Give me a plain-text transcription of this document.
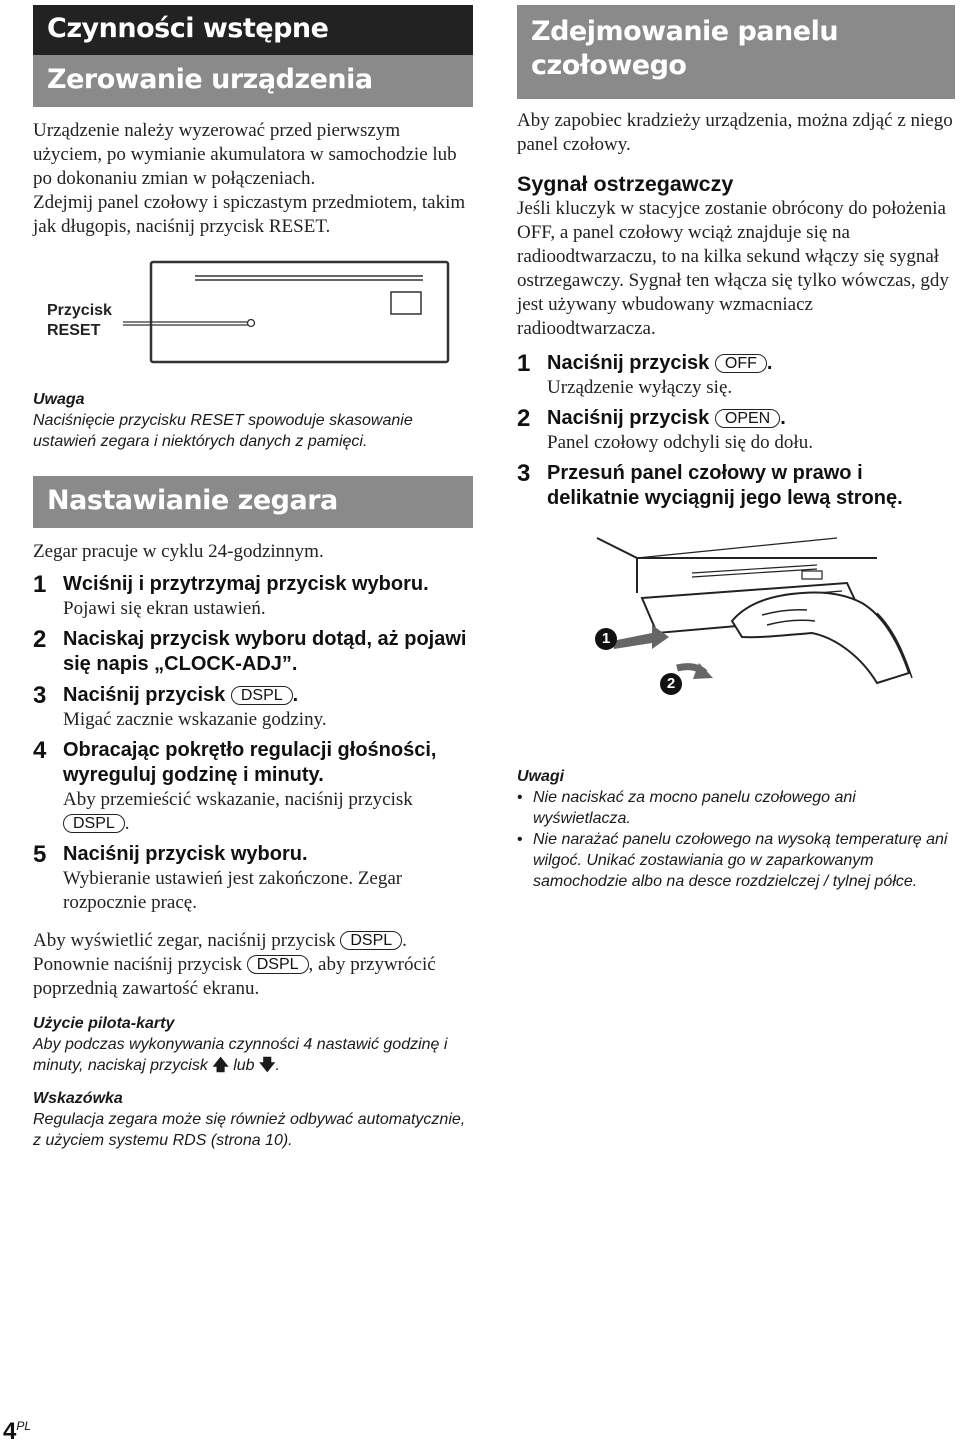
Czynności wstępne
Zerowanie urządzenia
Urządzenie należy wyzerować przed pierwszym użyciem, po wymianie akumulatora w samochodzie lub po dokonaniu zmian w połączeniach.
Zdejmij panel czołowy i spiczastym przedmiotem, takim jak długopis, naciśnij przycisk RESET.
Przycisk
RESET
Uwaga
Naciśnięcie przycisku RESET spowoduje skasowanie ustawień zegara i niektórych danych z pamięci.
Nastawianie zegara
Zegar pracuje w cyklu 24-godzinnym.
1 Wciśnij i przytrzymaj przycisk wyboru.
Pojawi się ekran ustawień.
2 Naciskaj przycisk wyboru dotąd, aż pojawi się napis „CLOCK-ADJ”.
3 Naciśnij przycisk DSPL .
Migać zacznie wskazanie godziny.
4 Obracając pokrętło regulacji głośności, wyreguluj godzinę i minuty.
Aby przemieścić wskazanie, naciśnij przycisk DSPL .
5 Naciśnij przycisk wyboru.
Wybieranie ustawień jest zakończone. Zegar rozpocznie pracę.
Aby wyświetlić zegar, naciśnij przycisk DSPL . Ponownie naciśnij przycisk DSPL , aby przywrócić poprzednią zawartość ekranu.
Użycie pilota-karty
Aby podczas wykonywania czynności 4 nastawić godzinę i minuty, naciskaj przycisk 🡅 lub 🡇.
Wskazówka
Regulacja zegara może się również odbywać automatycznie, z użyciem systemu RDS (strona 10).
Zdejmowanie panelu czołowego
Aby zapobiec kradzieży urządzenia, można zdjąć z niego panel czołowy.
Sygnał ostrzegawczy
Jeśli kluczyk w stacyjce zostanie obrócony do położenia OFF, a panel czołowy wciąż znajduje się na radioodtwarzaczu, to na kilka sekund włączy się sygnał ostrzegawczy. Sygnał ten włącza się tylko wówczas, gdy jest używany wbudowany wzmacniacz radioodtwarzacza.
1 Naciśnij przycisk OFF .
Urządzenie wyłączy się.
2 Naciśnij przycisk OPEN .
Panel czołowy odchyli się do dołu.
3 Przesuń panel czołowy w prawo i delikatnie wyciągnij jego lewą stronę.
1
2
Uwagi
• Nie naciskać za mocno panelu czołowego ani wyświetlacza.
• Nie narażać panelu czołowego na wysoką temperaturę ani wilgoć. Unikać zostawiania go w zaparkowanym samochodzie albo na desce rozdzielczej / tylnej półce.
$4^{PL}$
